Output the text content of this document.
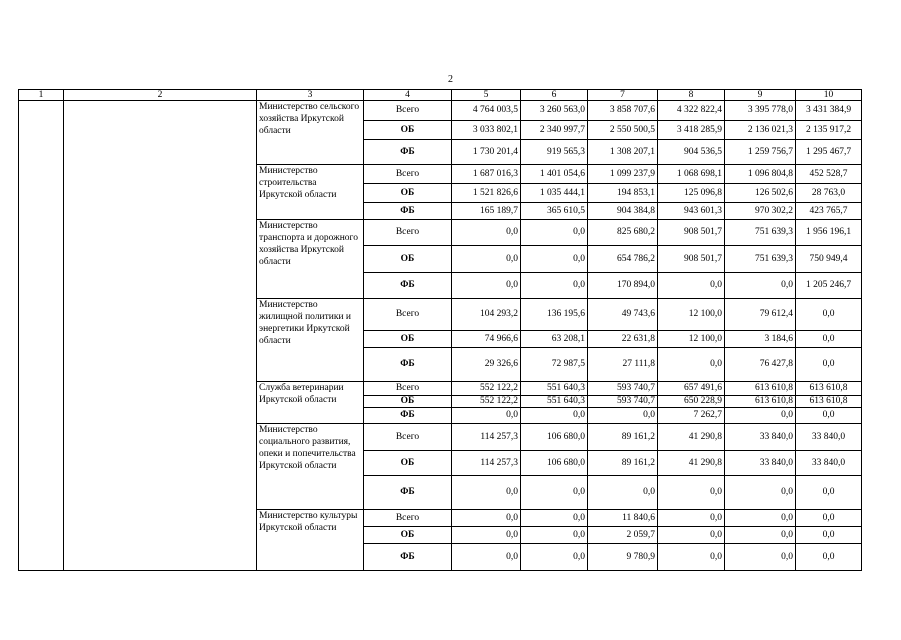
2
1	2	3	4	5	6	7	8	9	10
		Министерство сельского хозяйства Иркутской области	Всего	4 764 003,5	3 260 563,0	3 858 707,6	4 322 822,4	3 395 778,0	3 431 384,9
			ОБ	3 033 802,1	2 340 997,7	2 550 500,5	3 418 285,9	2 136 021,3	2 135 917,2
			ФБ	1 730 201,4	919 565,3	1 308 207,1	904 536,5	1 259 756,7	1 295 467,7
		Министерство строительства Иркутской области	Всего	1 687 016,3	1 401 054,6	1 099 237,9	1 068 698,1	1 096 804,8	452 528,7
			ОБ	1 521 826,6	1 035 444,1	194 853,1	125 096,8	126 502,6	28 763,0
			ФБ	165 189,7	365 610,5	904 384,8	943 601,3	970 302,2	423 765,7
		Министерство транспорта и дорожного хозяйства Иркутской области	Всего	0,0	0,0	825 680,2	908 501,7	751 639,3	1 956 196,1
			ОБ	0,0	0,0	654 786,2	908 501,7	751 639,3	750 949,4
			ФБ	0,0	0,0	170 894,0	0,0	0,0	1 205 246,7
		Министерство жилищной политики и энергетики Иркутской области	Всего	104 293,2	136 195,6	49 743,6	12 100,0	79 612,4	0,0
			ОБ	74 966,6	63 208,1	22 631,8	12 100,0	3 184,6	0,0
			ФБ	29 326,6	72 987,5	27 111,8	0,0	76 427,8	0,0
		Служба ветеринарии Иркутской области	Всего	552 122,2	551 640,3	593 740,7	657 491,6	613 610,8	613 610,8
			ОБ	552 122,2	551 640,3	593 740,7	650 228,9	613 610,8	613 610,8
			ФБ	0,0	0,0	0,0	7 262,7	0,0	0,0
		Министерство социального развития, опеки и попечительства Иркутской области	Всего	114 257,3	106 680,0	89 161,2	41 290,8	33 840,0	33 840,0
			ОБ	114 257,3	106 680,0	89 161,2	41 290,8	33 840,0	33 840,0
			ФБ	0,0	0,0	0,0	0,0	0,0	0,0
		Министерство культуры Иркутской области	Всего	0,0	0,0	11 840,6	0,0	0,0	0,0
			ОБ	0,0	0,0	2 059,7	0,0	0,0	0,0
			ФБ	0,0	0,0	9 780,9	0,0	0,0	0,0
